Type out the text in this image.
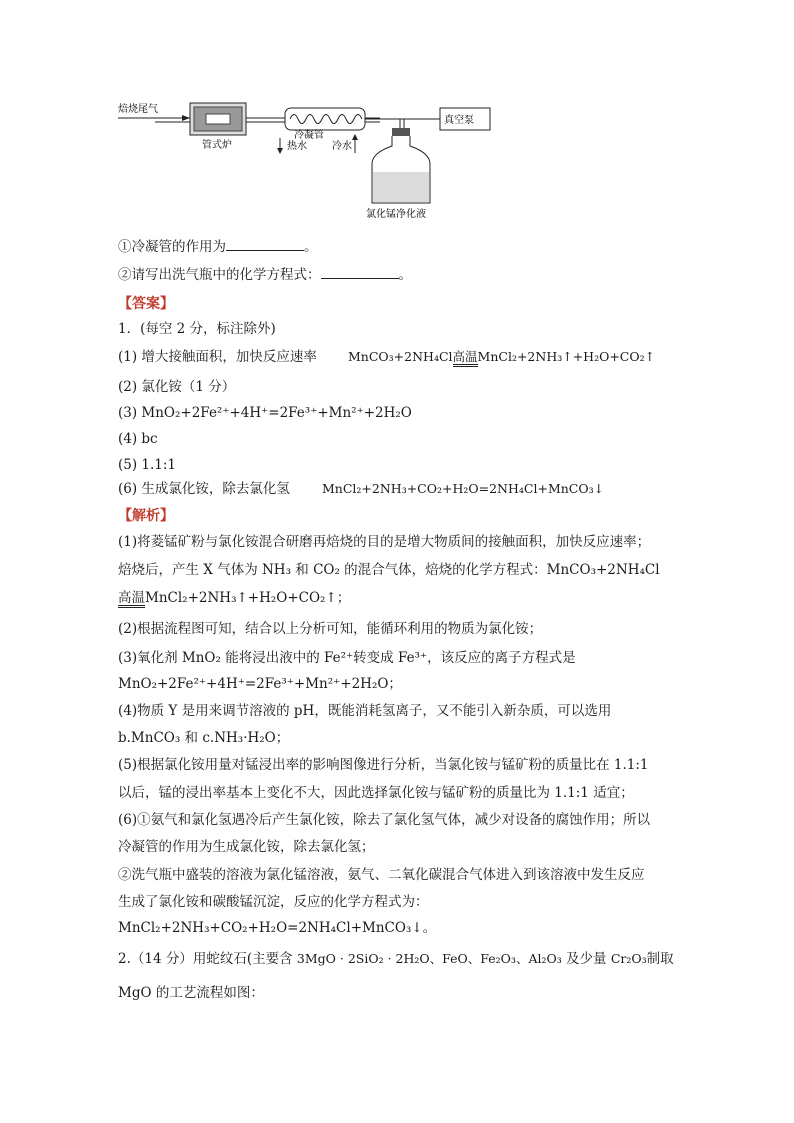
焙烧尾气
管式炉
冷凝管
热水	冷水
真空泵
氯化锰净化液
①冷凝管的作用为	。
②请写出洗气瓶中的化学方程式：	。
【答案】
1．(每空 2 分，标注除外)
(1) 增大接触面积，加快反应速率 MnCO₃+2NH₄Cl高温
MnCl₂+2NH₃↑+H₂O+CO₂↑
(2) 氯化铵（1 分）
(3) MnO₂+2Fe²⁺+4H⁺=2Fe³⁺+Mn²⁺+2H₂O
(4) bc
(5) 1.1:1
(6) 生成氯化铵，除去氯化氢	MnCl₂+2NH₃+CO₂+H₂O=2NH₄Cl+MnCO₃↓
【解析】
(1)将菱锰矿粉与氯化铵混合研磨再焙烧的目的是增大物质间的接触面积，加快反应速率；
焙烧后，产生 X 气体为 NH₃ 和 CO₂ 的混合气体，焙烧的化学方程式：MnCO₃+2NH₄Cl
高温
MnCl₂+2NH₃↑+H₂O+CO₂↑；
(2)根据流程图可知，结合以上分析可知，能循环利用的物质为氯化铵；
(3)氧化剂 MnO₂ 能将浸出液中的 Fe²⁺转变成 Fe³⁺，该反应的离子方程式是
MnO₂+2Fe²⁺+4H⁺=2Fe³⁺+Mn²⁺+2H₂O；
(4)物质 Y 是用来调节溶液的 pH，既能消耗氢离子，又不能引入新杂质，可以选用
b.MnCO₃ 和 c.NH₃·H₂O；
(5)根据氯化铵用量对锰浸出率的影响图像进行分析，当氯化铵与锰矿粉的质量比在 1.1:1
以后，锰的浸出率基本上变化不大，因此选择氯化铵与锰矿粉的质量比为 1.1:1 适宜；
(6)①氨气和氯化氢遇冷后产生氯化铵，除去了氯化氢气体，减少对设备的腐蚀作用；所以
冷凝管的作用为生成氯化铵，除去氯化氢；
②洗气瓶中盛装的溶液为氯化锰溶液，氨气、二氧化碳混合气体进入到该溶液中发生反应
生成了氯化铵和碳酸锰沉淀，反应的化学方程式为：
MnCl₂+2NH₃+CO₂+H₂O=2NH₄Cl+MnCO₃↓。
2.（14 分）用蛇纹石(主要含 3MgO · 2SiO₂ · 2H₂O、FeO、Fe₂O₃、Al₂O₃ 及少量 Cr₂O₃制取
MgO 的工艺流程如图：
